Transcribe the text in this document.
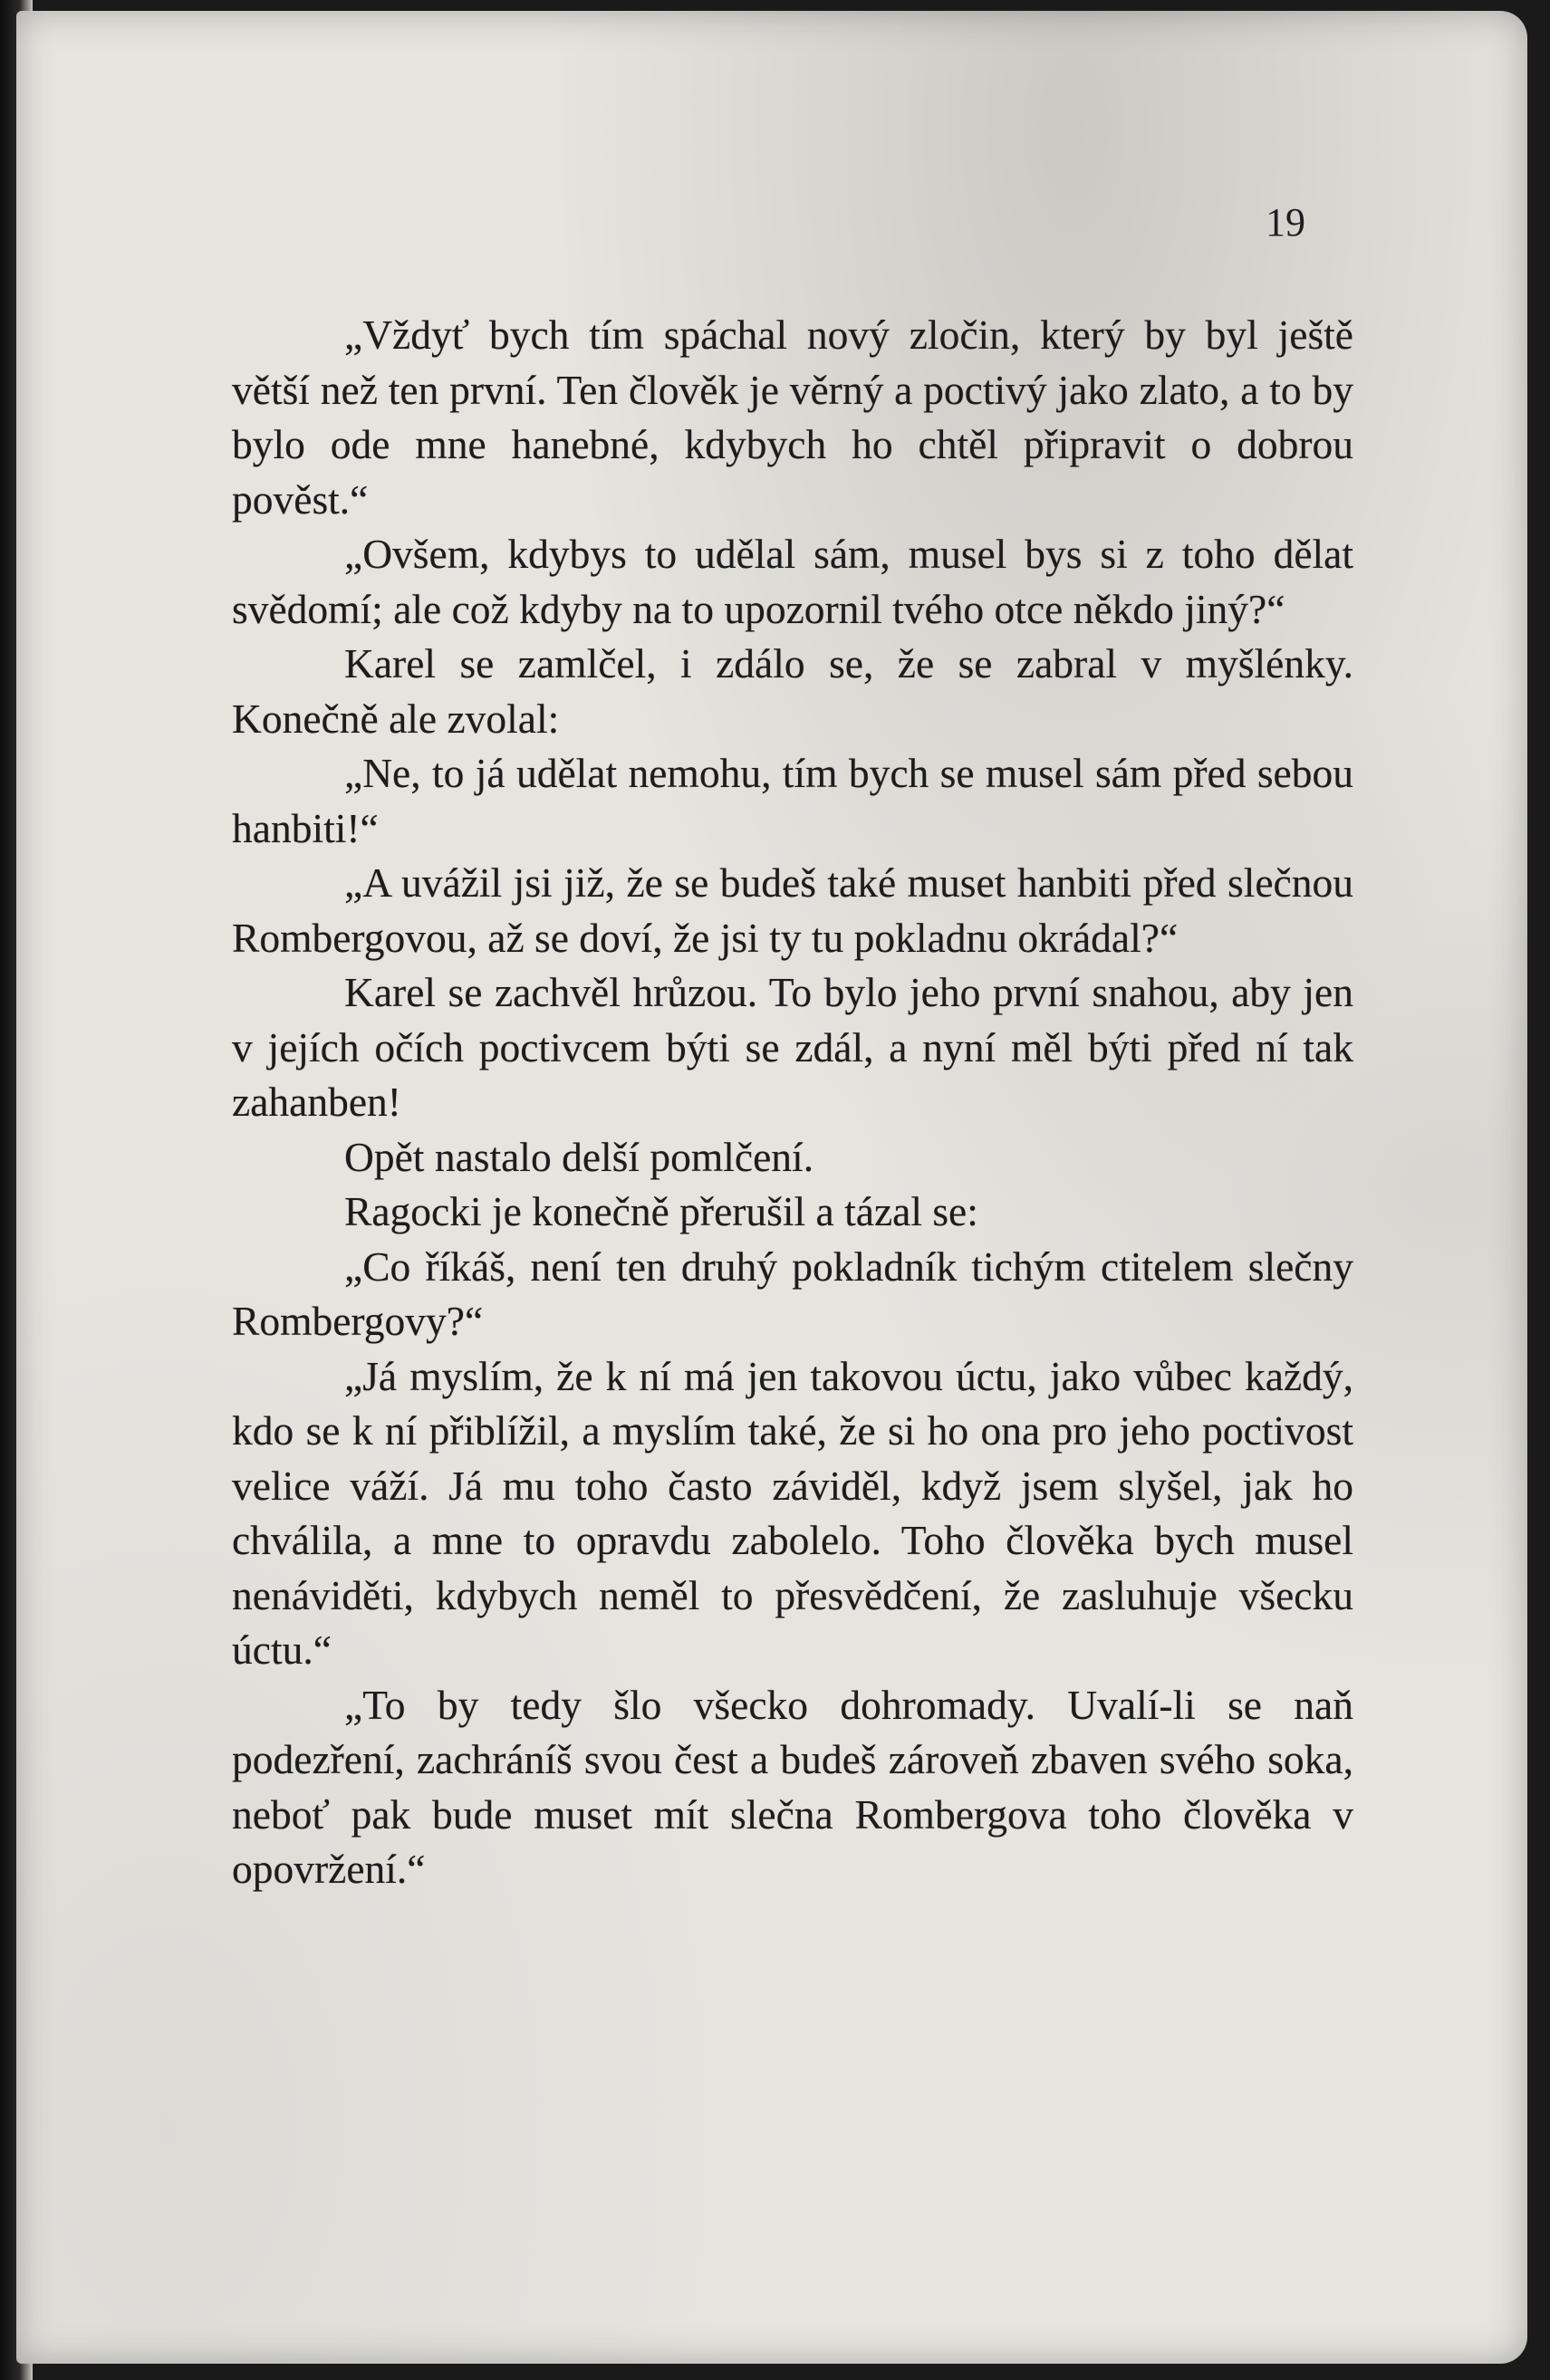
19

„Vždyť bych tím spáchal nový zločin, který by byl ještě větší než ten první. Ten člověk je věrný a poctivý jako zlato, a to by bylo ode mne hanebné, kdybych ho chtěl připravit o dobrou pověst.“

„Ovšem, kdybys to udělal sám, musel bys si z toho dělat svědomí; ale což kdyby na to upozornil tvého otce někdo jiný?“

Karel se zamlčel, i zdálo se, že se zabral v myšlénky. Konečně ale zvolal:

„Ne, to já udělat nemohu, tím bych se musel sám před sebou hanbiti!“

„A uvážil jsi již, že se budeš také muset hanbiti před slečnou Rombergovou, až se doví, že jsi ty tu pokladnu okrádal?“

Karel se zachvěl hrůzou. To bylo jeho první snahou, aby jen v jejích očích poctivcem býti se zdál, a nyní měl býti před ní tak zahanben!

Opět nastalo delší pomlčení.

Ragocki je konečně přerušil a tázal se:

„Co říkáš, není ten druhý pokladník tichým ctitelem slečny Rombergovy?“

„Já myslím, že k ní má jen takovou úctu, jako vůbec každý, kdo se k ní přiblížil, a myslím také, že si ho ona pro jeho poctivost velice váží. Já mu toho často záviděl, když jsem slyšel, jak ho chválila, a mne to opravdu zabolelo. Toho člověka bych musel nenáviděti, kdybych neměl to přesvědčení, že zasluhuje všecku úctu.“

„To by tedy šlo všecko dohromady. Uvalí-li se naň podezření, zachráníš svou čest a budeš zároveň zbaven svého soka, neboť pak bude muset mít slečna Rombergova toho člověka v opovržení.“
